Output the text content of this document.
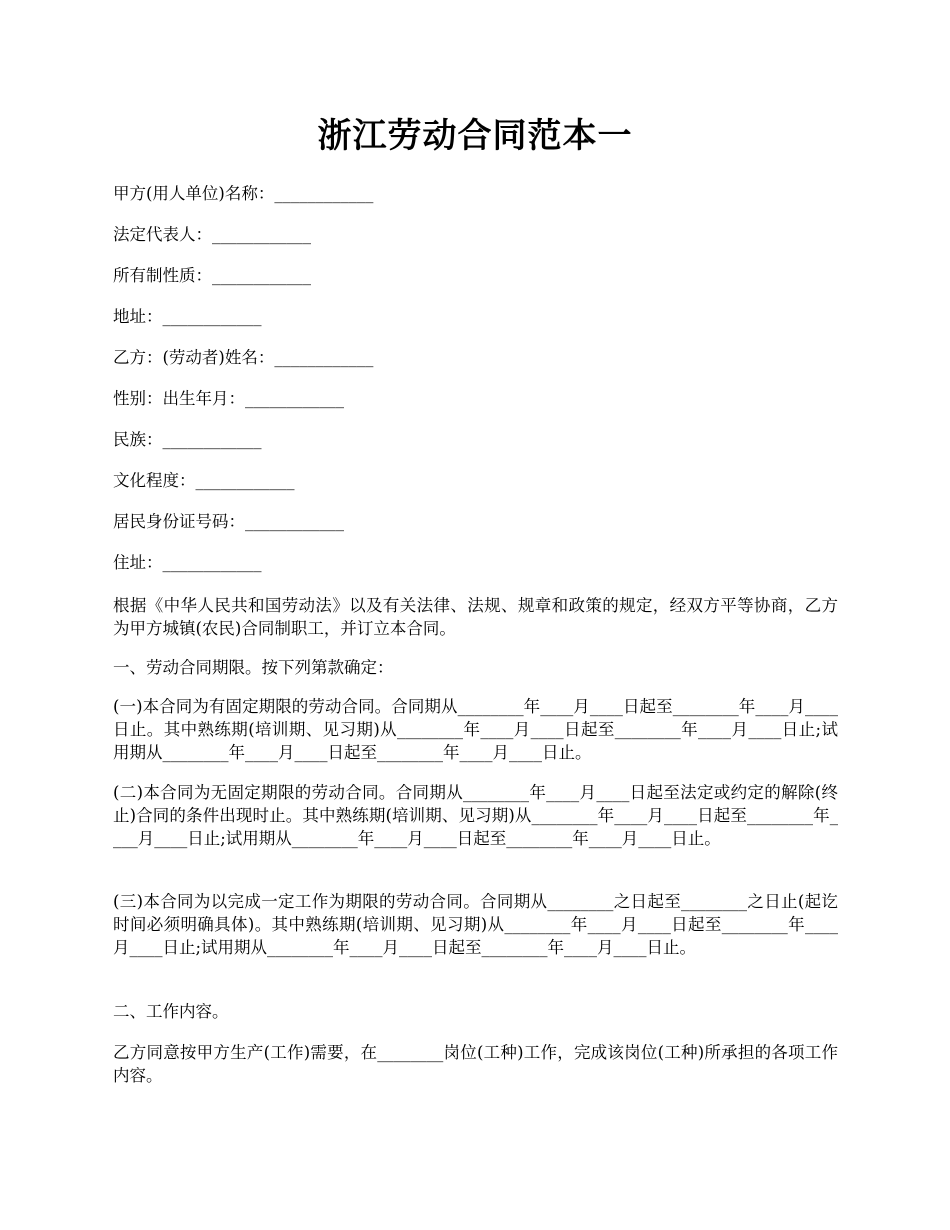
浙江劳动合同范本一
甲方(用人单位)名称：____________
法定代表人：____________
所有制性质：____________
地址：____________
乙方：(劳动者)姓名：____________
性别：出生年月：____________
民族：____________
文化程度：____________
居民身份证号码：____________
住址：____________
根据《中华人民共和国劳动法》以及有关法律、法规、规章和政策的规定，经双方平等协商，乙方为甲方城镇(农民)合同制职工，并订立本合同。
一、劳动合同期限。按下列第款确定：
(一)本合同为有固定期限的劳动合同。合同期从________年____月____日起至________年____月____日止。其中熟练期(培训期、见习期)从________年____月____日起至________年____月____日止;试用期从________年____月____日起至________年____月____日止。
(二)本合同为无固定期限的劳动合同。合同期从________年____月____日起至法定或约定的解除(终止)合同的条件出现时止。其中熟练期(培训期、见习期)从________年____月____日起至________年____月____日止;试用期从________年____月____日起至________年____月____日止。
(三)本合同为以完成一定工作为期限的劳动合同。合同期从________之日起至________之日止(起讫时间必须明确具体)。其中熟练期(培训期、见习期)从________年____月____日起至________年____月____日止;试用期从________年____月____日起至________年____月____日止。
二、工作内容。
乙方同意按甲方生产(工作)需要，在________岗位(工种)工作，完成该岗位(工种)所承担的各项工作内容。
